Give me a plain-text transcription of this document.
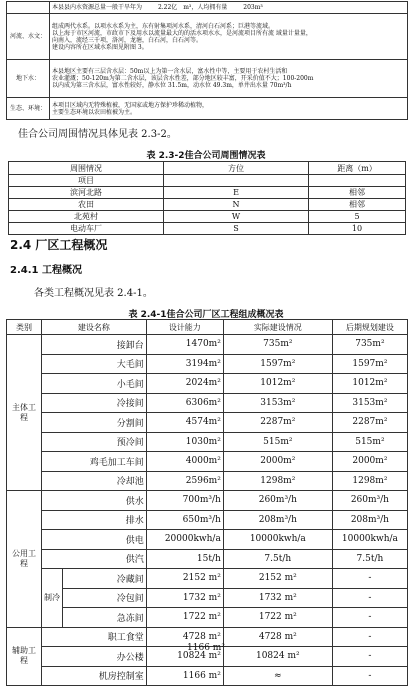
	本县县内水资源总量一般干旱年为 2.22亿 m³，人均拥有量 203m³
河流、水文：	组成两代水系。以项水水系为主，东有射集项河水系，清河白石河系；巨港等流域。
以上海于市区河流，市政市下及用水以流量最大的的活水项水水，是河流项目所有流 域量计量量，
向南入，流经三千项，洛河，龙塘，白石河，白石河等。
建设内容所在区域水系图见附图 3。

地下水：	本县地区主要有三层含水层：50m以上为第一含水层，富水性中等，主要用于农村生活和
农业灌溉；50-120m为第二含水层，该层含水性差，部分地区较丰富，开采价值不大；100-200m
以内成为第三含水层，富水性较好，静水位 31.5m，动水位 49.3m，单井出水量 70m³/h

生态、环境：	本项目区域内无特殊植被，无国家或地方保护珍稀动植物，
主要生态环境以农田植被为主。
佳合公司周围情况具体见表 2.3-2。
表 2.3-2佳合公司周围情况表
周围情况	方位	距离（m）
项目		
滨河北路	E	相邻
农田	N	相邻
北苑村	W	5
电动车厂	S	10
2.4 厂区工程概况
2.4.1 工程概况
各类工程概况见表 2.4-1。
表 2.4-1佳合公司厂区工程组成概况表
类别	建设名称		设计能力	实际建设情况	后期规划建设
主体工程	接卸台		1470m²	735m²	735m²
	大毛间		3194m²	1597m²	1597m²
	小毛间		2024m²	1012m²	1012m²
	冷接间		6306m²	3153m²	3153m²
	分割间		4574m²	2287m²	2287m²
	预冷间		1030m²	515m²	515m²
	鸡毛加工车间		4000m²	2000m²	2000m²
	冷却池		2596m²	1298m²	1298m²
公用工程	供水		700m³/h	260m³/h	260m³/h
	排水		650m³/h	208m³/h	208m³/h
	供电		20000kwh/a	10000kwh/a	10000kwh/a
	供汽		15t/h	7.5t/h	7.5t/h
	制冷	冷藏间	2152 m²	2152 m²	-
		冷包间	1732 m²	1732 m²	-
		急冻间	1722 m²	1722 m²	-
辅助工程	职工食堂		4728 m²	4728 m²	-
	办公楼		10824 m²	10824 m²	-
	机房控制室		1166 m²	≈	-
1166 m²
